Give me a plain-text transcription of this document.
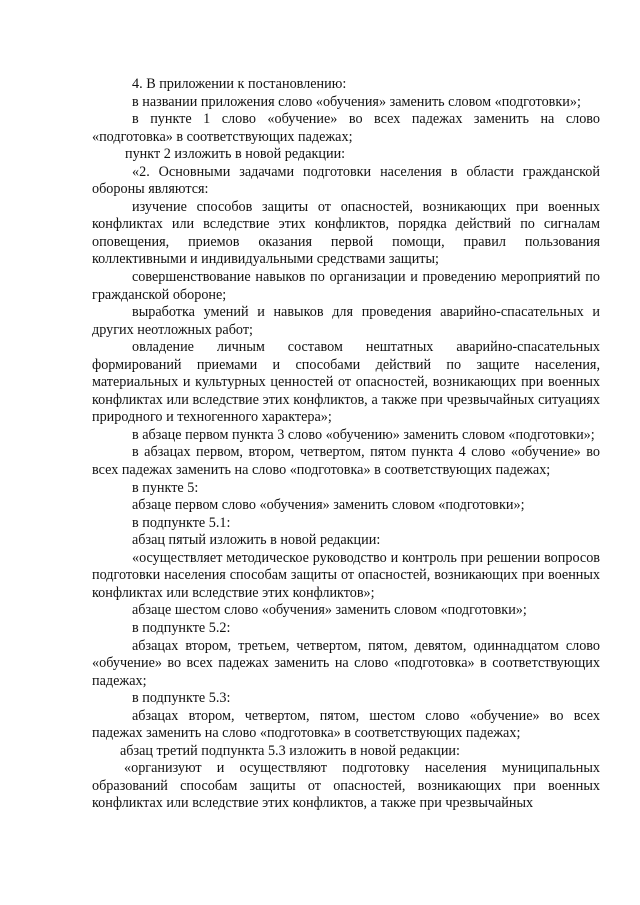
4. В приложении к постановлению:

в названии приложения слово «обучения» заменить словом «подготовки»;

в пункте 1 слово «обучение» во всех падежах заменить на слово «подготовка» в соответствующих падежах;

пункт 2 изложить в новой редакции:

«2. Основными задачами подготовки населения в области гражданской обороны являются:

изучение способов защиты от опасностей, возникающих при военных конфликтах или вследствие этих конфликтов, порядка действий по сигналам оповещения, приемов оказания первой помощи, правил пользования коллективными и индивидуальными средствами защиты;

совершенствование навыков по организации и проведению мероприятий по гражданской обороне;

выработка умений и навыков для проведения аварийно-спасательных и других неотложных работ;

овладение личным составом нештатных аварийно-спасательных формирований приемами и способами действий по защите населения, материальных и культурных ценностей от опасностей, возникающих при военных конфликтах или вследствие этих конфликтов, а также при чрезвычайных ситуациях природного и техногенного характера»;

в абзаце первом пункта 3 слово «обучению» заменить словом «подготовки»;

в абзацах первом, втором, четвертом, пятом пункта 4 слово «обучение» во всех падежах заменить на слово «подготовка» в соответствующих падежах;

в пункте 5:

абзаце первом слово «обучения» заменить словом «подготовки»;

в подпункте 5.1:

абзац пятый изложить в новой редакции:

«осуществляет методическое руководство и контроль при решении вопросов подготовки населения способам защиты от опасностей, возникающих при военных конфликтах или вследствие этих конфликтов»;

абзаце шестом слово «обучения» заменить словом «подготовки»;

в подпункте 5.2:

абзацах втором, третьем, четвертом, пятом, девятом, одиннадцатом слово «обучение» во всех падежах заменить на слово «подготовка» в соответствующих падежах;

в подпункте 5.3:

абзацах втором, четвертом, пятом, шестом слово «обучение» во всех падежах заменить на слово «подготовка» в соответствующих падежах;

абзац третий подпункта 5.3 изложить в новой редакции:

«организуют и осуществляют подготовку населения муниципальных образований способам защиты от опасностей, возникающих при военных конфликтах или вследствие этих конфликтов, а также при чрезвычайных
